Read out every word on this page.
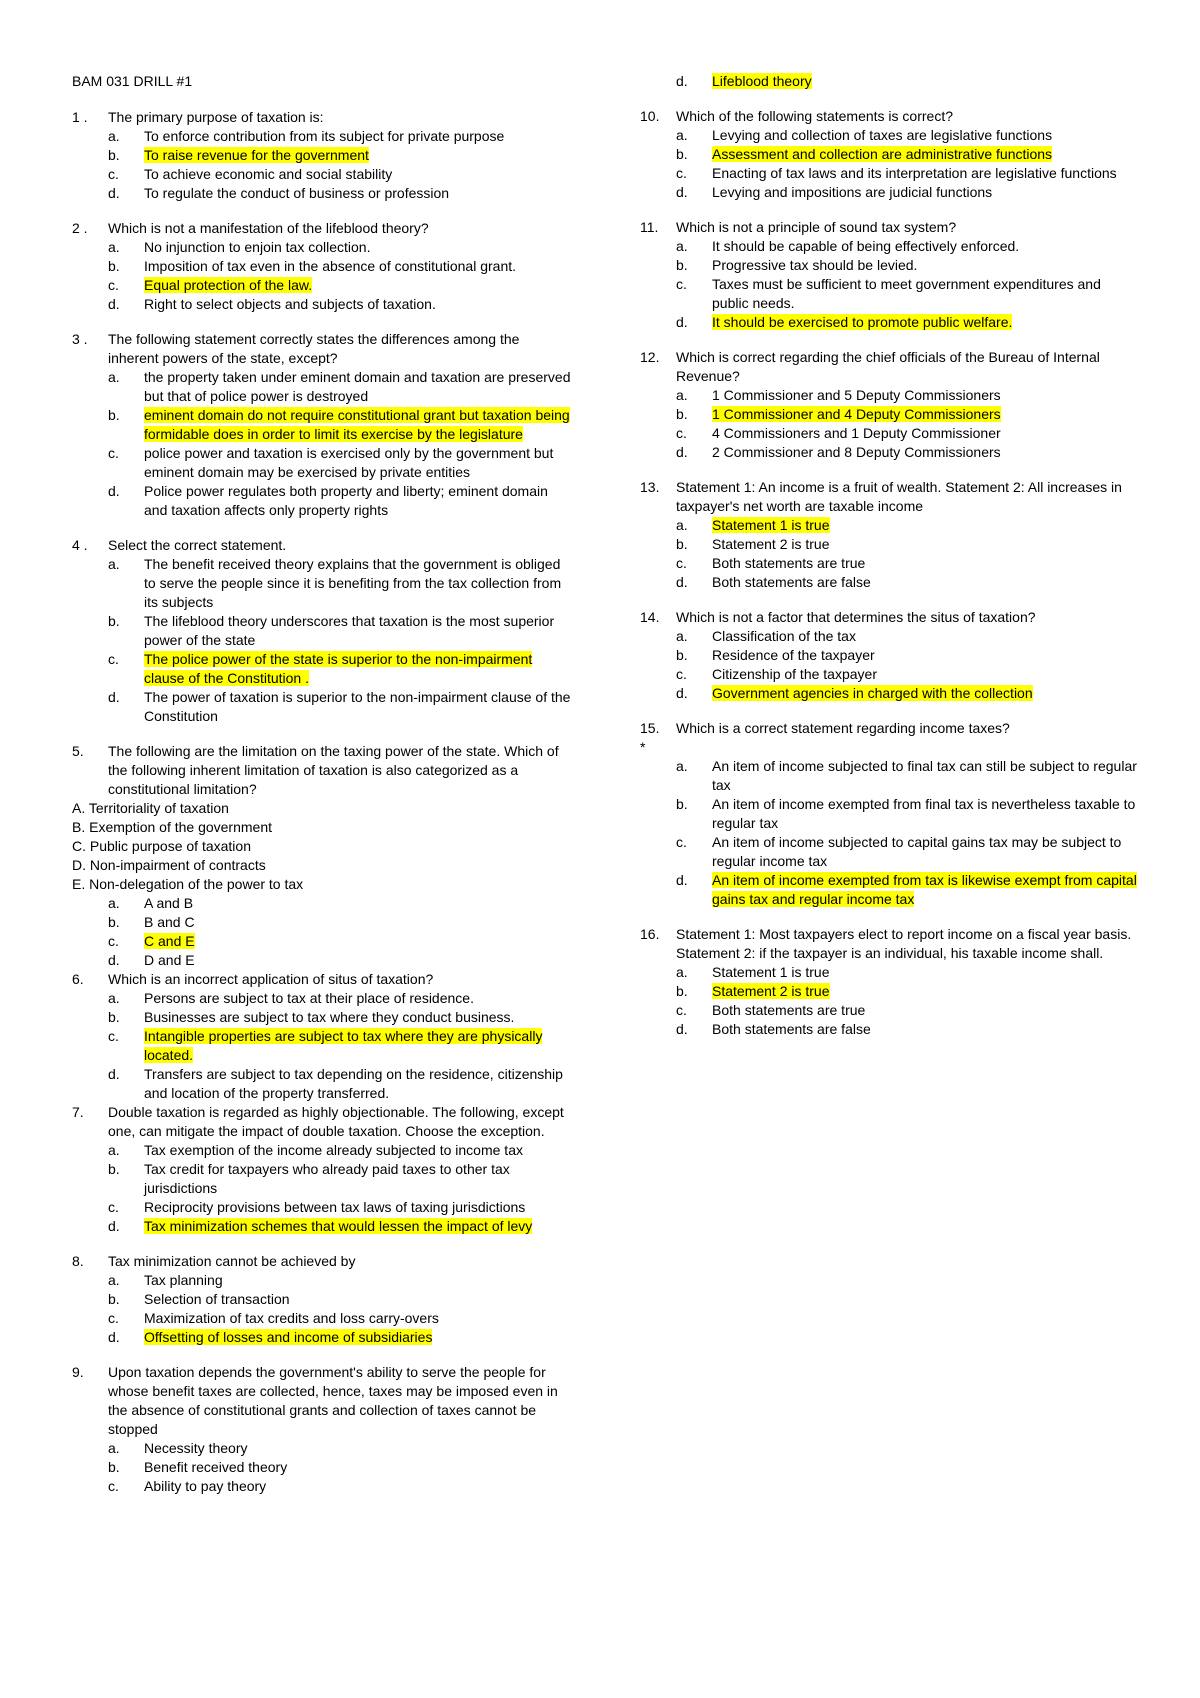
BAM 031 DRILL #1
1 .	The primary purpose of taxation is:
a.	To enforce contribution from its subject for private purpose
b.	To raise revenue for the government
c.	To achieve economic and social stability
d.	To regulate the conduct of business or profession
2 .	Which is not a manifestation of the lifeblood theory?
a.	No injunction to enjoin tax collection.
b.	Imposition of tax even in the absence of constitutional grant.
c.	Equal protection of the law.
d.	Right to select objects and subjects of taxation.
3 .	The following statement correctly states the differences among the inherent powers of the state, except?
a.	the property taken under eminent domain and taxation are preserved but that of police power is destroyed
b.	eminent domain do not require constitutional grant but taxation being formidable does in order to limit its exercise by the legislature
c.	police power and taxation is exercised only by the government but eminent domain may be exercised by private entities
d.	Police power regulates both property and liberty; eminent domain and taxation affects only property rights
4 .	Select the correct statement.
a.	The benefit received theory explains that the government is obliged to serve the people since it is benefiting from the tax collection from its subjects
b.	The lifeblood theory underscores that taxation is the most superior power of the state
c.	The police power of the state is superior to the non-impairment clause of the Constitution .
d.	The power of taxation is superior to the non-impairment clause of the Constitution
5.	The following are the limitation on the taxing power of the state. Which of the following inherent limitation of taxation is also categorized as a constitutional limitation?
A. Territoriality of taxation
B. Exemption of the government
C. Public purpose of taxation
D. Non-impairment of contracts
E. Non-delegation of the power to tax
a.	A and B
b.	B and C
c.	C and E
d.	D and E
6.	Which is an incorrect application of situs of taxation?
a.	Persons are subject to tax at their place of residence.
b.	Businesses are subject to tax where they conduct business.
c.	Intangible properties are subject to tax where they are physically located.
d.	Transfers are subject to tax depending on the residence, citizenship and location of the property transferred.
7.	Double taxation is regarded as highly objectionable. The following, except one, can mitigate the impact of double taxation. Choose the exception.
a.	Tax exemption of the income already subjected to income tax
b.	Tax credit for taxpayers who already paid taxes to other tax jurisdictions
c.	Reciprocity provisions between tax laws of taxing jurisdictions
d.	Tax minimization schemes that would lessen the impact of levy
8.	Tax minimization cannot be achieved by
a.	Tax planning
b.	Selection of transaction
c.	Maximization of tax credits and loss carry-overs
d.	Offsetting of losses and income of subsidiaries
9.	Upon taxation depends the government's ability to serve the people for whose benefit taxes are collected, hence, taxes may be imposed even in the absence of constitutional grants and collection of taxes cannot be stopped
a.	Necessity theory
b.	Benefit received theory
c.	Ability to pay theory
d.	Lifeblood theory
10.	Which of the following statements is correct?
a.	Levying and collection of taxes are legislative functions
b.	Assessment and collection are administrative functions
c.	Enacting of tax laws and its interpretation are legislative functions
d.	Levying and impositions are judicial functions
11.	Which is not a principle of sound tax system?
a.	It should be capable of being effectively enforced.
b.	Progressive tax should be levied.
c.	Taxes must be sufficient to meet government expenditures and public needs.
d.	It should be exercised to promote public welfare.
12.	Which is correct regarding the chief officials of the Bureau of Internal Revenue?
a.	1 Commissioner and 5 Deputy Commissioners
b.	1 Commissioner and 4 Deputy Commissioners
c.	4 Commissioners and 1 Deputy Commissioner
d.	2 Commissioner and 8 Deputy Commissioners
13.	Statement 1: An income is a fruit of wealth. Statement 2: All increases in taxpayer's net worth are taxable income
a.	Statement 1 is true
b.	Statement 2 is true
c.	Both statements are true
d.	Both statements are false
14.	Which is not a factor that determines the situs of taxation?
a.	Classification of the tax
b.	Residence of the taxpayer
c.	Citizenship of the taxpayer
d.	Government agencies in charged with the collection
15.	Which is a correct statement regarding income taxes?
*
a.	An item of income subjected to final tax can still be subject to regular tax
b.	An item of income exempted from final tax is nevertheless taxable to regular tax
c.	An item of income subjected to capital gains tax may be subject to regular income tax
d.	An item of income exempted from tax is likewise exempt from capital gains tax and regular income tax
16.	Statement 1: Most taxpayers elect to report income on a fiscal year basis. Statement 2: if the taxpayer is an individual, his taxable income shall.
a.	Statement 1 is true
b.	Statement 2 is true
c.	Both statements are true
d.	Both statements are false
